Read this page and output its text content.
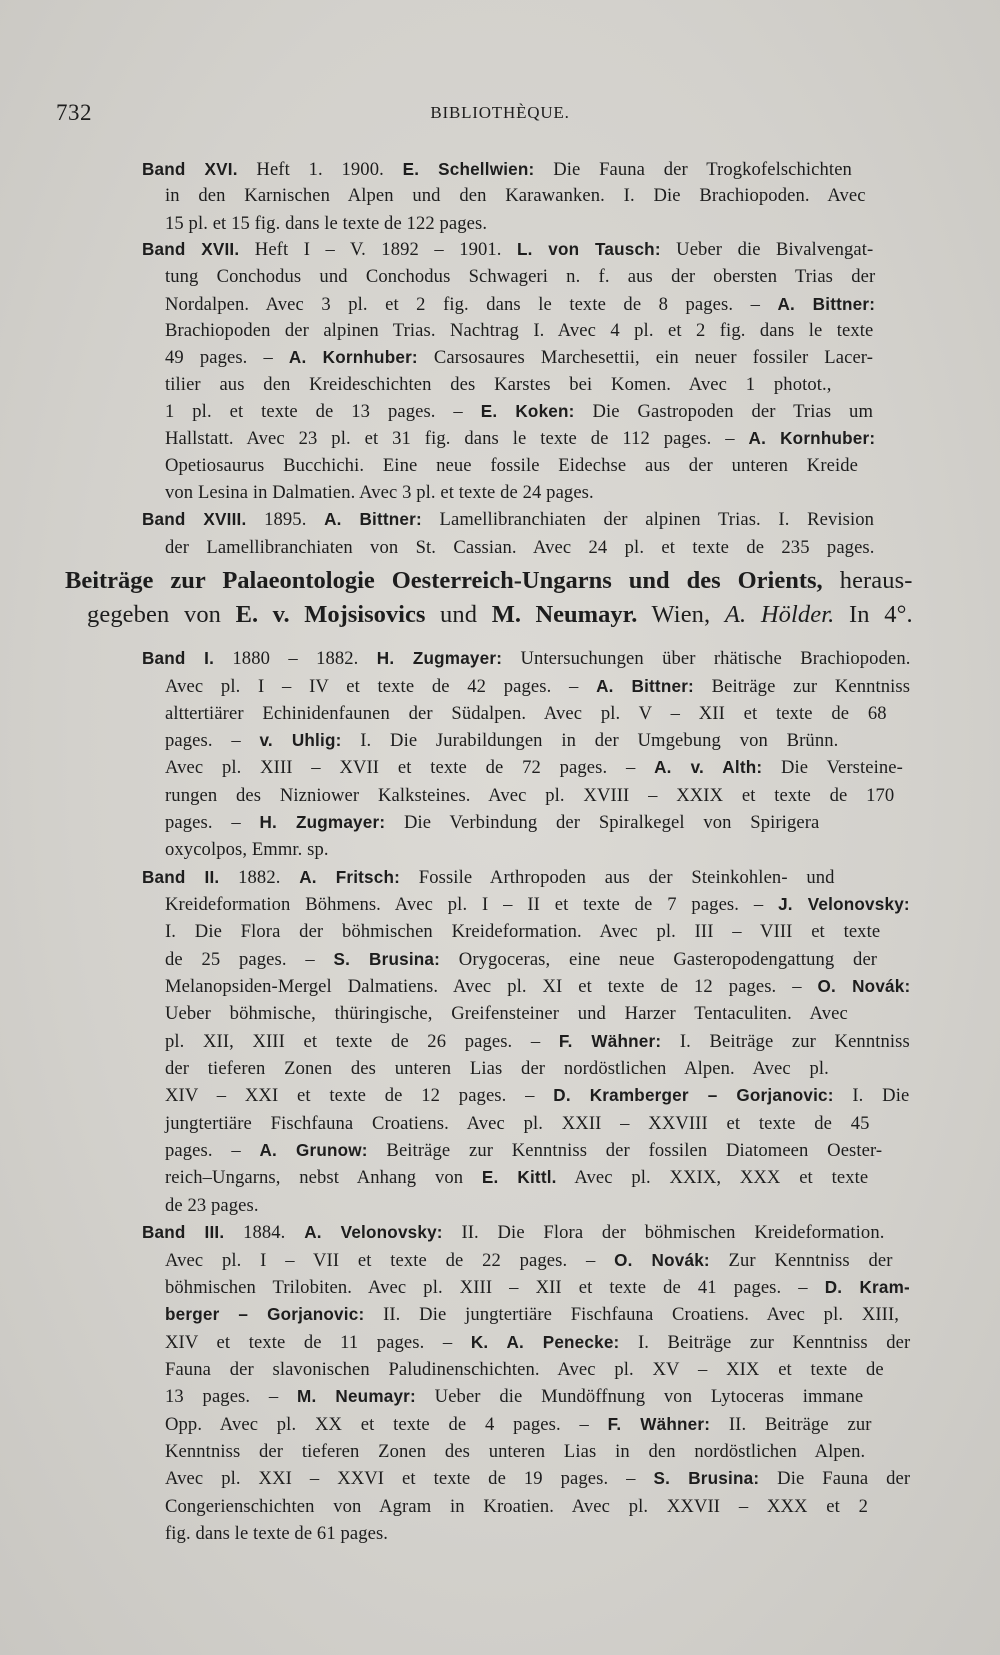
732	BIBLIOTHÈQUE.
Band XVI. Heft 1. 1900. E. Schellwien: Die Fauna der Trogkofelschichten
in den Karnischen Alpen und den Karawanken. I. Die Brachiopoden. Avec
15 pl. et 15 fig. dans le texte de 122 pages.
Band XVII. Heft I – V. 1892 – 1901. L. von Tausch: Ueber die Bivalvengat-
tung Conchodus und Conchodus Schwageri n. f. aus der obersten Trias der
Nordalpen. Avec 3 pl. et 2 fig. dans le texte de 8 pages. – A. Bittner:
Brachiopoden der alpinen Trias. Nachtrag I. Avec 4 pl. et 2 fig. dans le texte
49 pages. – A. Kornhuber: Carsosaures Marchesettii, ein neuer fossiler Lacer-
tilier aus den Kreideschichten des Karstes bei Komen. Avec 1 photot.,
1 pl. et texte de 13 pages. – E. Koken: Die Gastropoden der Trias um
Hallstatt. Avec 23 pl. et 31 fig. dans le texte de 112 pages. – A. Kornhuber:
Opetiosaurus Bucchichi. Eine neue fossile Eidechse aus der unteren Kreide
von Lesina in Dalmatien. Avec 3 pl. et texte de 24 pages.
Band XVIII. 1895. A. Bittner: Lamellibranchiaten der alpinen Trias. I. Revision
der Lamellibranchiaten von St. Cassian. Avec 24 pl. et texte de 235 pages.
Beiträge zur Palaeontologie Oesterreich-Ungarns und des Orients, heraus-
gegeben von E. v. Mojsisovics und M. Neumayr. Wien, A. Hölder. In 4°.
Band I. 1880 – 1882. H. Zugmayer: Untersuchungen über rhätische Brachiopoden.
Avec pl. I – IV et texte de 42 pages. – A. Bittner: Beiträge zur Kenntniss
alttertiärer Echinidenfaunen der Südalpen. Avec pl. V – XII et texte de 68
pages. – v. Uhlig: I. Die Jurabildungen in der Umgebung von Brünn.
Avec pl. XIII – XVII et texte de 72 pages. – A. v. Alth: Die Versteine-
rungen des Nizniower Kalksteines. Avec pl. XVIII – XXIX et texte de 170
pages. – H. Zugmayer: Die Verbindung der Spiralkegel von Spirigera
oxycolpos, Emmr. sp.
Band II. 1882. A. Fritsch: Fossile Arthropoden aus der Steinkohlen- und
Kreideformation Böhmens. Avec pl. I – II et texte de 7 pages. – J. Velonovsky:
I. Die Flora der böhmischen Kreideformation. Avec pl. III – VIII et texte
de 25 pages. – S. Brusina: Orygoceras, eine neue Gasteropodengattung der
Melanopsiden-Mergel Dalmatiens. Avec pl. XI et texte de 12 pages. – O. Novák:
Ueber böhmische, thüringische, Greifensteiner und Harzer Tentaculiten. Avec
pl. XII, XIII et texte de 26 pages. – F. Wähner: I. Beiträge zur Kenntniss
der tieferen Zonen des unteren Lias der nordöstlichen Alpen. Avec pl.
XIV – XXI et texte de 12 pages. – D. Kramberger – Gorjanovic: I. Die
jungtertiäre Fischfauna Croatiens. Avec pl. XXII – XXVIII et texte de 45
pages. – A. Grunow: Beiträge zur Kenntniss der fossilen Diatomeen Oester-
reich–Ungarns, nebst Anhang von E. Kittl. Avec pl. XXIX, XXX et texte
de 23 pages.
Band III. 1884. A. Velonovsky: II. Die Flora der böhmischen Kreideformation.
Avec pl. I – VII et texte de 22 pages. – O. Novák: Zur Kenntniss der
böhmischen Trilobiten. Avec pl. XIII – XII et texte de 41 pages. – D. Kram-
berger – Gorjanovic: II. Die jungtertiäre Fischfauna Croatiens. Avec pl. XIII,
XIV et texte de 11 pages. – K. A. Penecke: I. Beiträge zur Kenntniss der
Fauna der slavonischen Paludinenschichten. Avec pl. XV – XIX et texte de
13 pages. – M. Neumayr: Ueber die Mundöffnung von Lytoceras immane
Opp. Avec pl. XX et texte de 4 pages. – F. Wähner: II. Beiträge zur
Kenntniss der tieferen Zonen des unteren Lias in den nordöstlichen Alpen.
Avec pl. XXI – XXVI et texte de 19 pages. – S. Brusina: Die Fauna der
Congerienschichten von Agram in Kroatien. Avec pl. XXVII – XXX et 2
fig. dans le texte de 61 pages.
